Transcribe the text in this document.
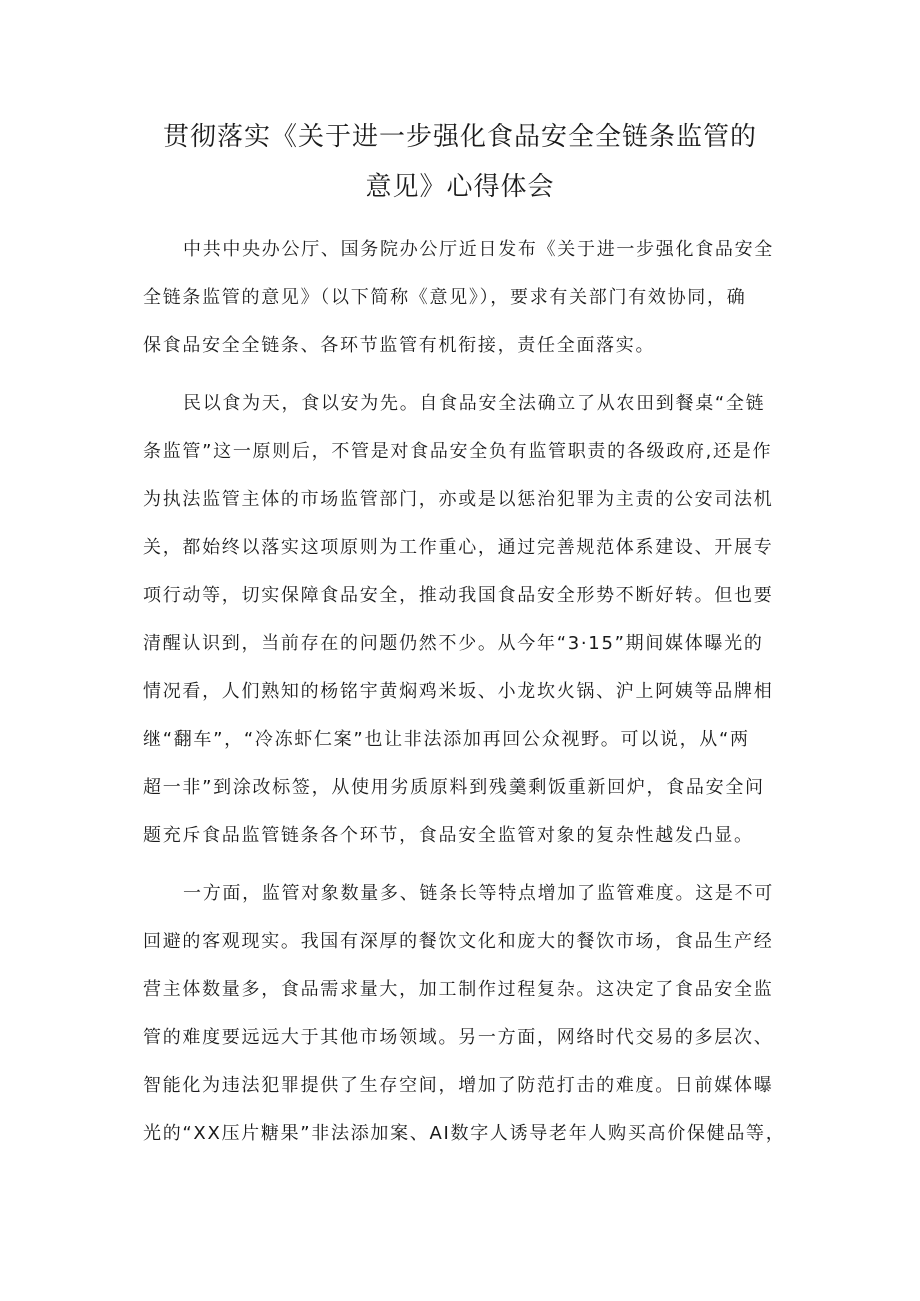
贯彻落实《关于进一步强化食品安全全链条监管的
意见》心得体会
中共中央办公厅、国务院办公厅近日发布《关于进一步强化食品安全
全链条监管的意见》（以下简称《意见》），要求有关部门有效协同，确
保食品安全全链条、各环节监管有机衔接，责任全面落实。
民以食为天，食以安为先。自食品安全法确立了从农田到餐桌“全链
条监管”这一原则后，不管是对食品安全负有监管职责的各级政府,还是作
为执法监管主体的市场监管部门，亦或是以惩治犯罪为主责的公安司法机
关，都始终以落实这项原则为工作重心，通过完善规范体系建设、开展专
项行动等，切实保障食品安全，推动我国食品安全形势不断好转。但也要
清醒认识到，当前存在的问题仍然不少。从今年“3·15”期间媒体曝光的
情况看，人们熟知的杨铭宇黄焖鸡米坂、小龙坎火锅、沪上阿姨等品牌相
继“翻车”，“冷冻虾仁案”也让非法添加再回公众视野。可以说，从“两
超一非”到涂改标签，从使用劣质原料到残羹剩饭重新回炉，食品安全问
题充斥食品监管链条各个环节，食品安全监管对象的复杂性越发凸显。
一方面，监管对象数量多、链条长等特点增加了监管难度。这是不可
回避的客观现实。我国有深厚的餐饮文化和庞大的餐饮市场，食品生产经
营主体数量多，食品需求量大，加工制作过程复杂。这决定了食品安全监
管的难度要远远大于其他市场领域。另一方面，网络时代交易的多层次、
智能化为违法犯罪提供了生存空间，增加了防范打击的难度。日前媒体曝
光的“XX压片糖果”非法添加案、AI数字人诱导老年人购买高价保健品等，
